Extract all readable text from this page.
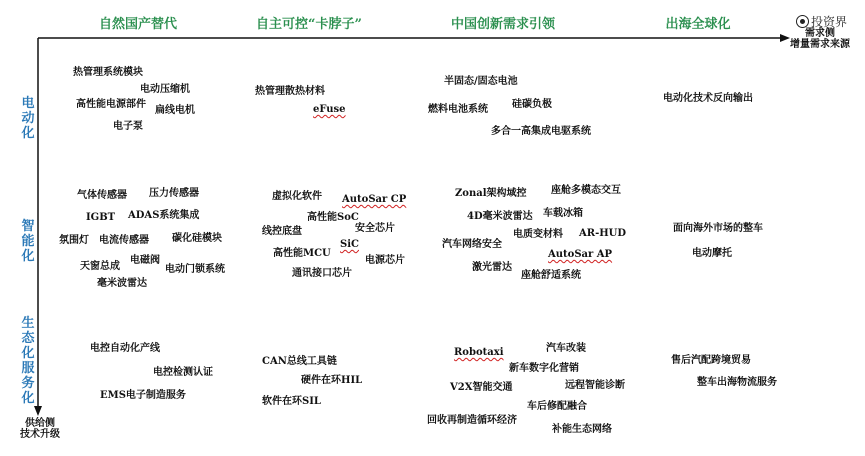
自然国产替代	自主可控“卡脖子”	中国创新需求引领	出海全球化
电动化
智能化
生态化服务化
需求侧
增量需求来源
供给侧
技术升级
投资界
热管理系统模块
电动压缩机
高性能电源部件
扁线电机
电子泵
热管理散热材料
eFuse
半固态/固态电池
燃料电池系统 硅碳负极
多合一高集成电驱系统
电动化技术反向输出
气体传感器 压力传感器
IGBT ADAS系统集成
氛围灯 电流传感器 碳化硅模块
电磁阀
天窗总成	电动门锁系统
毫米波雷达
虚拟化软件 AutoSar CP
高性能SoC
线控底盘	安全芯片
SiC
高性能MCU
电源芯片
通讯接口芯片
Zonal架构域控 座舱多模态交互
4D毫米波雷达 车载冰箱
电质变材料 AR-HUD
汽车网络安全
AutoSar AP
激光雷达
座舱舒适系统
面向海外市场的整车
电动摩托
电控自动化产线
电控检测认证
EMS电子制造服务
CAN总线工具链
硬件在环HIL
软件在环SIL
Robotaxi	汽车改装
新车数字化营销
V2X智能交通	远程智能诊断
车后修配融合
回收再制造循环经济
补能生态网络
售后汽配跨境贸易
整车出海物流服务
